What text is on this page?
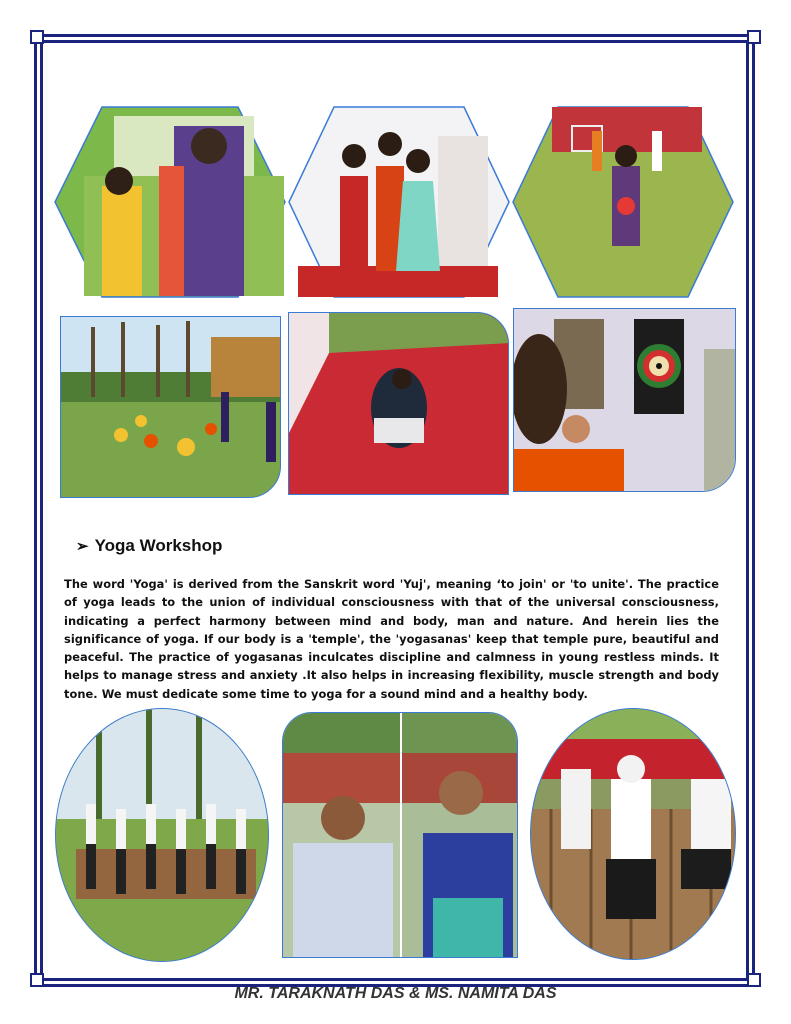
➢ Yoga Workshop

The word 'Yoga' is derived from the Sanskrit word 'Yuj', meaning ‘to join' or 'to unite'. The practice of yoga leads to the union of individual consciousness with that of the universal consciousness, indicating a perfect harmony between mind and body, man and nature. And herein lies the significance of yoga. If our body is a 'temple', the 'yogasanas' keep that temple pure, beautiful and peaceful. The practice of yogasanas inculcates discipline and calmness in young restless minds. It helps to manage stress and anxiety .It also helps in increasing flexibility, muscle strength and body tone. We must dedicate some time to yoga for a sound mind and a healthy body.

MR. TARAKNATH DAS & MS. NAMITA DAS
